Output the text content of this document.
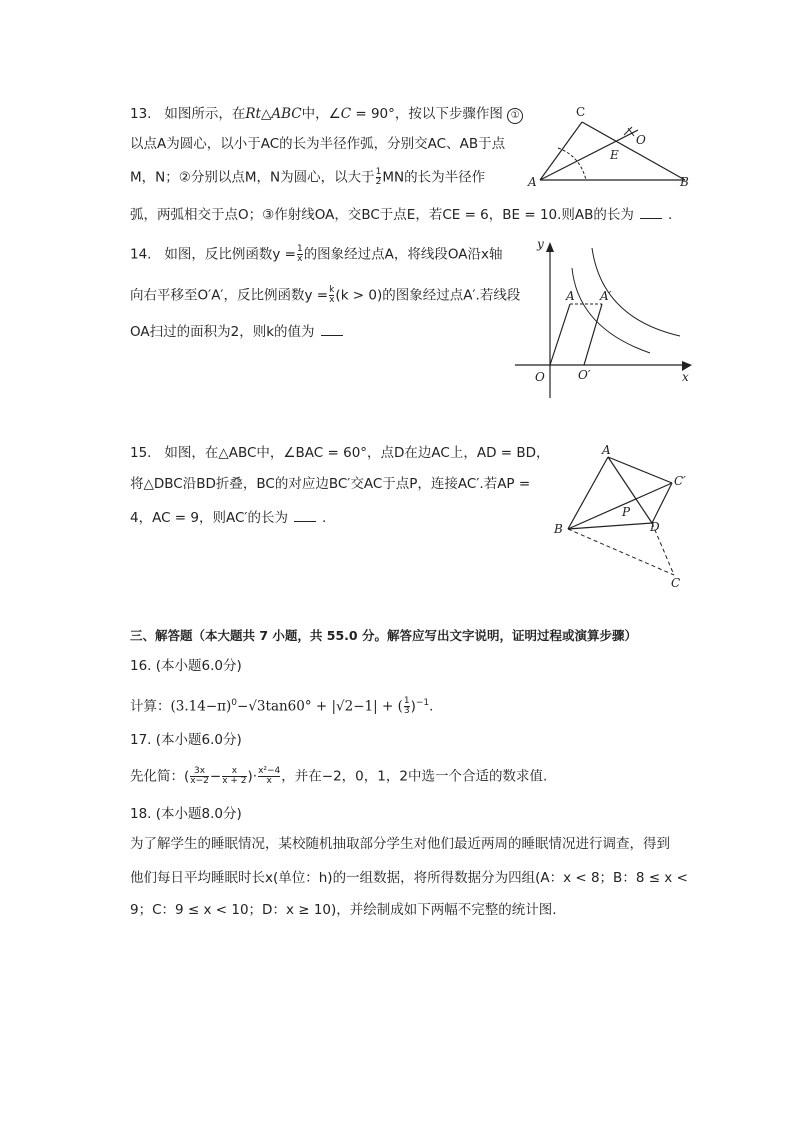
13. 如图所示，在Rt△ABC中，∠C = 90°，按以下步骤作图 ①
以点A为圆心，以小于AC的长为半径作弧，分别交AC、AB于点
M，N；②分别以点M，N为圆心，以大于 $\frac{1}{2}$ MN的长为半径作
弧，两弧相交于点O；③作射线OA，交BC于点E，若CE = 6，BE = 10.则AB的长为	.
C
O
E
A	B
14. 如图，反比例函数$y = \frac{1}{x}$ 的图象经过点A，将线段OA沿x轴
向右平移至O′A′，反比例函数$y = \frac{k}{x} (k > 0)$的图象经过点A′.若线段
OA扫过的面积为2，则k的值为
y
x
O	O′
A A′
15. 如图，在△ABC中，∠BAC = 60°，点D在边AC上，AD = BD，
将△DBC沿BD折叠，BC的对应边BC′交AC于点P，连接AC′.若AP =
4，AC = 9，则AC′的长为	.
A
C′
P
B	D
C
三、解答题（本大题共 7 小题，共 55.0 分。解答应写出文字说明，证明过程或演算步骤）
16. (本小题6.0分)
计算：$(3.14-\pi)^0-√3\tan 60^\circ + |√2-1|$ + ( $\frac{1}{3} )^{-1}$.
17. (本小题6.0分)
先化简：( $\frac{3x}{x-2} - \frac{x}{x + 2}$ )· $\frac{\text{x²−4}}{x}$ ，并在−2，0，1，2中选一个合适的数求值.
18. (本小题8.0分)
为了解学生的睡眠情况，某校随机抽取部分学生对他们最近两周的睡眠情况进行调查，得到
他们每日平均睡眠时长x(单位：h)的一组数据，将所得数据分为四组(A：x < 8；B：8 ≤ x <
9；C：9 ≤ x < 10；D：x ≥ 10)，并绘制成如下两幅不完整的统计图.
